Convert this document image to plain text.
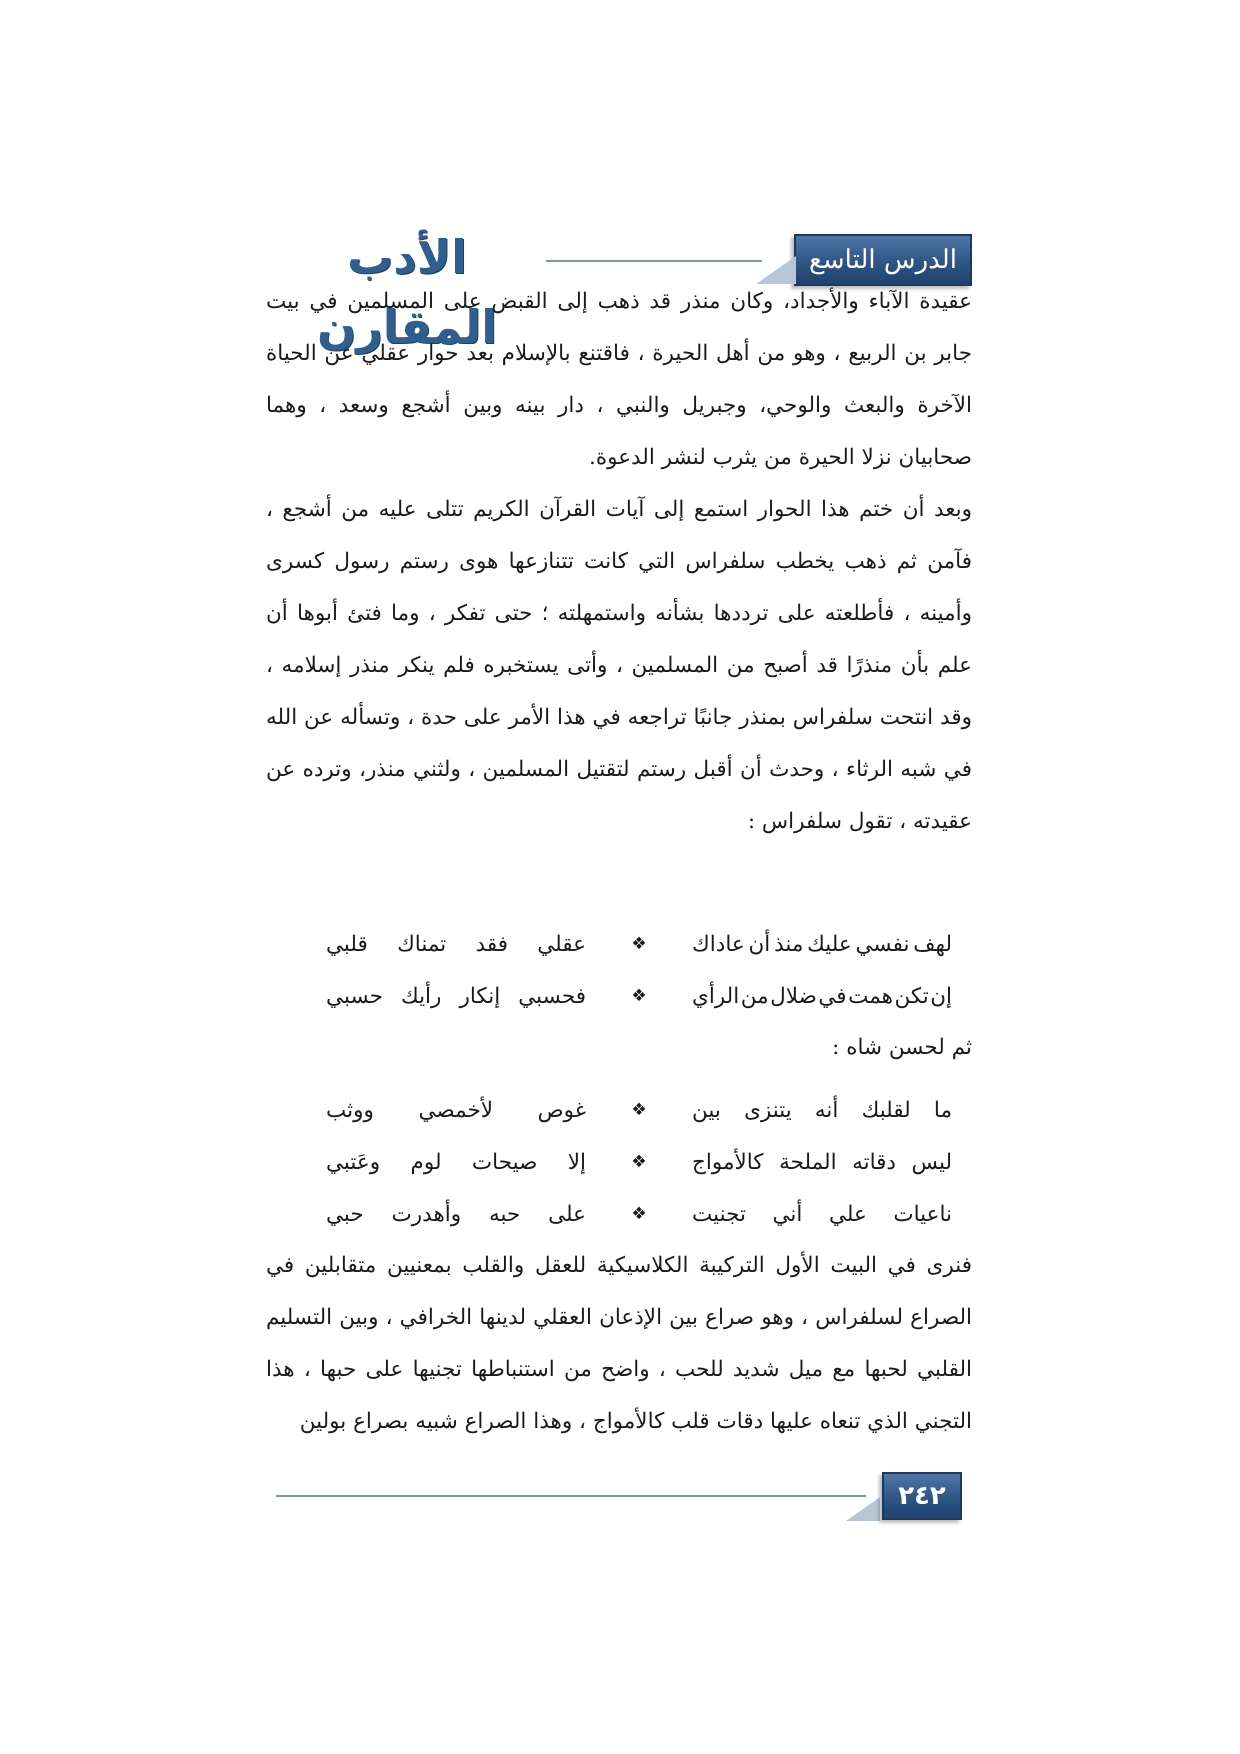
الدرس التاسع
الأدب المقارن

عقيدة الآباء والأجداد، وكان منذر قد ذهب إلى القبض على المسلمين في بيت جابر بن الربيع ، وهو من أهل الحيرة ، فاقتنع بالإسلام بعد حوار عقلي عن الحياة الآخرة والبعث والوحي، وجبريل والنبي ، دار بينه وبين أشجع وسعد ، وهما صحابيان نزلا الحيرة من يثرب لنشر الدعوة.

وبعد أن ختم هذا الحوار استمع إلى آيات القرآن الكريم تتلى عليه من أشجع ، فآمن ثم ذهب يخطب سلفراس التي كانت تتنازعها هوى رستم رسول كسرى وأمينه ، فأطلعته على ترددها بشأنه واستمهلته ؛ حتى تفكر ، وما فتئ أبوها أن علم بأن منذرًا قد أصبح من المسلمين ، وأتى يستخبره فلم ينكر منذر إسلامه ، وقد انتحت سلفراس بمنذر جانبًا تراجعه في هذا الأمر على حدة ، وتسأله عن الله في شبه الرثاء ، وحدث أن أقبل رستم لتقتيل المسلمين ، ولثني منذر، وترده عن عقيدته ، تقول سلفراس :

لهف
نفسي
عليك
منذ
أن
عاداك
❖
عقلي
فقد
تمناك
قلبي
إن
تكن
همت
في
ضلال
من
الرأي
❖
فحسبي
إنكار
رأيك
حسبي
ثم لحسن شاه :
ما
لقلبك
أنه
يتنزى
بين
❖
غوص
لأخمصي
ووثب
ليس
دقاته
الملحة
كالأمواج
❖
إلا
صيحات
لوم
وعَتبي
ناعيات
علي
أني
تجنيت
❖
على
حبه
وأهدرت
حبي

فنرى في البيت الأول التركيبة الكلاسيكية للعقل والقلب بمعنيين متقابلين في الصراع لسلفراس ، وهو صراع بين الإذعان العقلي لدينها الخرافي ، وبين التسليم القلبي لحبها مع ميل شديد للحب ، واضح من استنباطها تجنيها على حبها ، هذا التجني الذي تنعاه عليها دقات قلب كالأمواج ، وهذا الصراع شبيه بصراع بولين

٢٤٢
